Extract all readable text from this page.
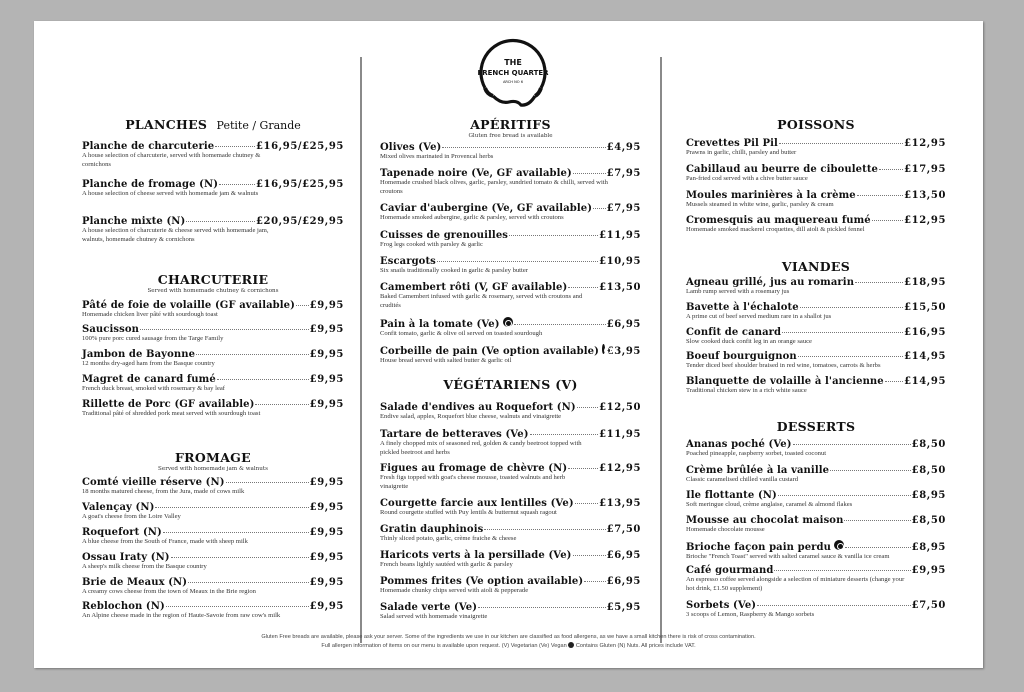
THE
FRENCH QUARTER
ARCH NO 6
PLANCHES Petite / Grande
Planche de charcuterie	£16,95/£25,95
A house selection of charcuterie, served with homemade chutney & cornichons
Planche de fromage (N)	£16,95/£25,95
A house selection of cheese served with homemade jam & walnuts
Planche mixte (N)	£20,95/£29,95
A house selection of charcuterie & cheese served with homemade jam, walnuts, homemade chutney & cornichons
CHARCUTERIE
Served with homemade chutney & cornichons
Pâté de foie de volaille (GF available) £9,95
Homemade chicken liver pâté with sourdough toast
Saucisson	£9,95
100% pure porc cured sausage from the Targe Family
Jambon de Bayonne	£9,95
12 months dry-aged ham from the Basque country
Magret de canard fumé	£9,95
French duck breast, smoked with rosemary & bay leaf
Rillette de Porc (GF available)	£9,95
Traditional pâté of shredded pork meat served with sourdough toast
FROMAGE
Served with homemade jam & walnuts
Comté vieille réserve (N)	£9,95
18 months matured cheese, from the Jura, made of cows milk
Valençay (N)	£9,95
A goat's cheese from the Loire Valley
Roquefort (N)	£9,95
A blue cheese from the South of France, made with sheep milk
Ossau Iraty (N)	£9,95
A sheep's milk cheese from the Basque country
Brie de Meaux (N)	£9,95
A creamy cows cheese from the town of Meaux in the Brie region
Reblochon (N)	£9,95
An Alpine cheese made in the region of Haute-Savoie from raw cow's milk
APÉRITIFS
Gluten free bread is available
Olives (Ve)	£4,95
Mixed olives marinated in Provencal herbs
Tapenade noire (Ve, GF available)	£7,95
Homemade crushed black olives, garlic, parsley, sundried tomato & chilli, served with croutons
Caviar d'aubergine (Ve, GF available) £7,95
Homemade smoked aubergine, garlic & parsley, served with croutons
Cuisses de grenouilles	£11,95
Frog legs cooked with parsley & garlic
Escargots	£10,95
Six snails traditionally cooked in garlic & parsley butter
Camembert rôti (V, GF available)	£13,50
Baked Camembert infused with garlic & rosemary, served with croutons and crudités
Pain à la tomate (Ve)	£6,95
Confit tomato, garlic & olive oil served on toasted sourdough
Corbeille de pain (Ve option available) £3,95
House bread served with salted butter & garlic oil
VÉGÉTARIENS (V)
Salade d'endives au Roquefort (N) £12,50
Endive salad, apples, Roquefort blue cheese, walnuts and vinaigrette
Tartare de betteraves (Ve)	£11,95
A finely chopped mix of seasoned red, golden & candy beetroot topped with pickled beetroot and herbs
Figues au fromage de chèvre (N)	£12,95
Fresh figs topped with goat's cheese mousse, toasted walnuts and herb vinaigrette
Courgette farcie aux lentilles (Ve)	£13,95
Round courgette stuffed with Puy lentils & butternut squash ragout
Gratin dauphinois	£7,50
Thinly sliced potato, garlic, crème fraiche & cheese
Haricots verts à la persillade (Ve)	£6,95
French beans lightly sautéed with garlic & parsley
Pommes frites (Ve option available) £6,95
Homemade chunky chips served with aioli & pepperade
Salade verte (Ve)	£5,95
Salad served with homemade vinaigrette
POISSONS
Crevettes Pil Pil	£12,95
Prawns in garlic, chilli, parsley and butter
Cabillaud au beurre de ciboulette	£17,95
Pan-fried cod served with a chive butter sauce
Moules marinières à la crème	£13,50
Mussels steamed in white wine, garlic, parsley & cream
Cromesquis au maquereau fumé	£12,95
Homemade smoked mackerel croquettes, dill aioli & pickled fennel
VIANDES
Agneau grillé, jus au romarin	£18,95
Lamb rump served with a rosemary jus
Bavette à l'échalote	£15,50
A prime cut of beef served medium rare in a shallot jus
Confit de canard	£16,95
Slow cooked duck confit leg in an orange sauce
Boeuf bourguignon	£14,95
Tender diced beef shoulder braised in red wine, tomatoes, carrots & herbs
Blanquette de volaille à l'ancienne £14,95
Traditional chicken stew in a rich white sauce
DESSERTS
Ananas poché (Ve)	£8,50
Poached pineapple, raspberry sorbet, toasted coconut
Crème brûlée à la vanille	£8,50
Classic caramelised chilled vanilla custard
Ile flottante (N)	£8,95
Soft meringue cloud, crème anglaise, caramel & almond flakes
Mousse au chocolat maison	£8,50
Homemade chocolate mousse
Brioche façon pain perdu	£8,95
Brioche "French Toast" served with salted caramel sauce & vanilla ice cream
Café gourmand	£9,95
An espresso coffee served alongside a selection of miniature desserts (change your hot drink, £1.50 supplement)
Sorbets (Ve)	£7,50
3 scoops of Lemon, Raspberry & Mango sorbets
Gluten Free breads are available, please ask your server. Some of the ingredients we use in our kitchen are classified as food allergens, as we have a small kitchen there is risk of cross contamination.
Full allergen information of items on our menu is available upon request. (V) Vegetarian (Ve) Vegan Contains Gluten (N) Nuts. All prices include VAT.
